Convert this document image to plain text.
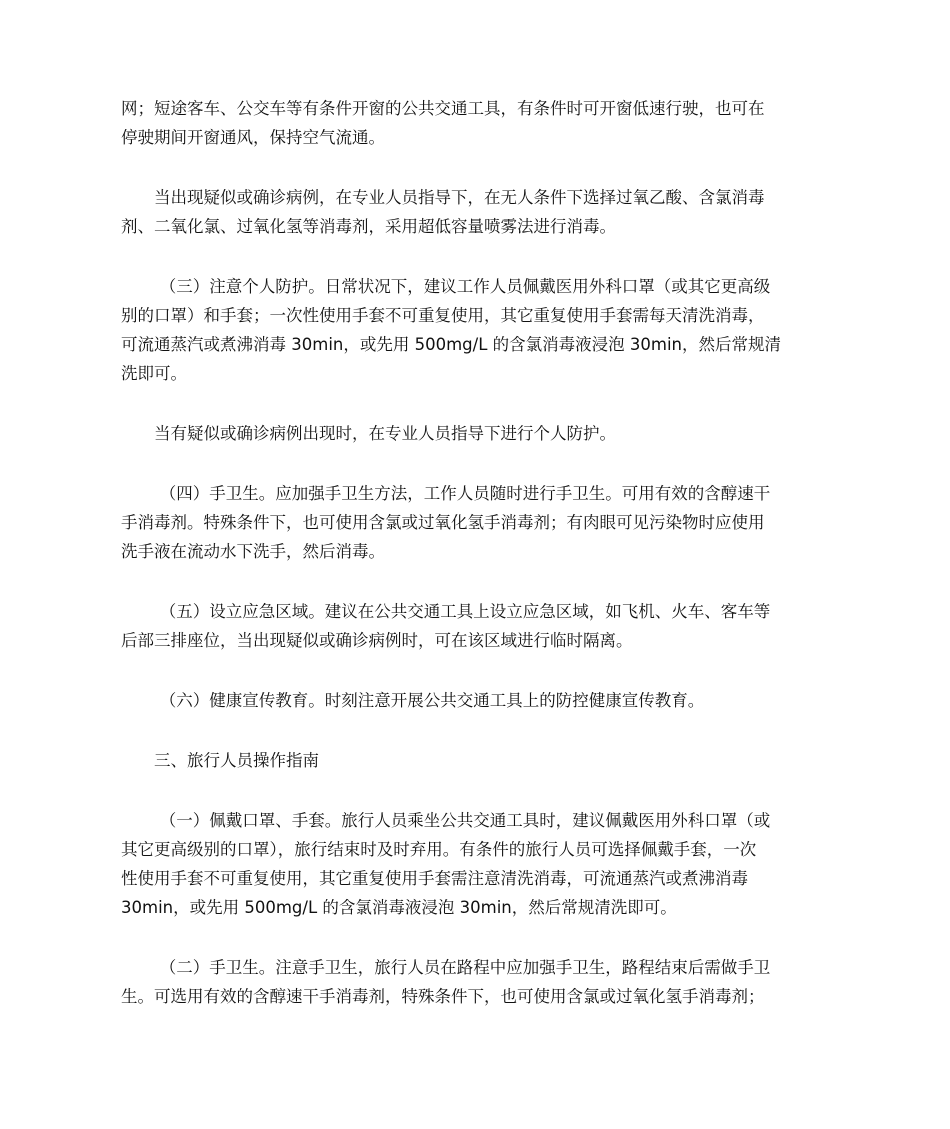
网；短途客车、公交车等有条件开窗的公共交通工具，有条件时可开窗低速行驶，也可在
停驶期间开窗通风，保持空气流通。

当出现疑似或确诊病例，在专业人员指导下，在无人条件下选择过氧乙酸、含氯消毒
剂、二氧化氯、过氧化氢等消毒剂，采用超低容量喷雾法进行消毒。

（三）注意个人防护。日常状况下，建议工作人员佩戴医用外科口罩（或其它更高级
别的口罩）和手套；一次性使用手套不可重复使用，其它重复使用手套需每天清洗消毒，
可流通蒸汽或煮沸消毒 30min，或先用 500mg/L 的含氯消毒液浸泡 30min，然后常规清
洗即可。

当有疑似或确诊病例出现时，在专业人员指导下进行个人防护。

（四）手卫生。应加强手卫生方法，工作人员随时进行手卫生。可用有效的含醇速干
手消毒剂。特殊条件下，也可使用含氯或过氧化氢手消毒剂；有肉眼可见污染物时应使用
洗手液在流动水下洗手，然后消毒。

（五）设立应急区域。建议在公共交通工具上设立应急区域，如飞机、火车、客车等
后部三排座位，当出现疑似或确诊病例时，可在该区域进行临时隔离。

（六）健康宣传教育。时刻注意开展公共交通工具上的防控健康宣传教育。

三、旅行人员操作指南

（一）佩戴口罩、手套。旅行人员乘坐公共交通工具时，建议佩戴医用外科口罩（或
其它更高级别的口罩），旅行结束时及时弃用。有条件的旅行人员可选择佩戴手套，一次
性使用手套不可重复使用，其它重复使用手套需注意清洗消毒，可流通蒸汽或煮沸消毒
30min，或先用 500mg/L 的含氯消毒液浸泡 30min，然后常规清洗即可。

（二）手卫生。注意手卫生，旅行人员在路程中应加强手卫生，路程结束后需做手卫
生。可选用有效的含醇速干手消毒剂，特殊条件下，也可使用含氯或过氧化氢手消毒剂；
